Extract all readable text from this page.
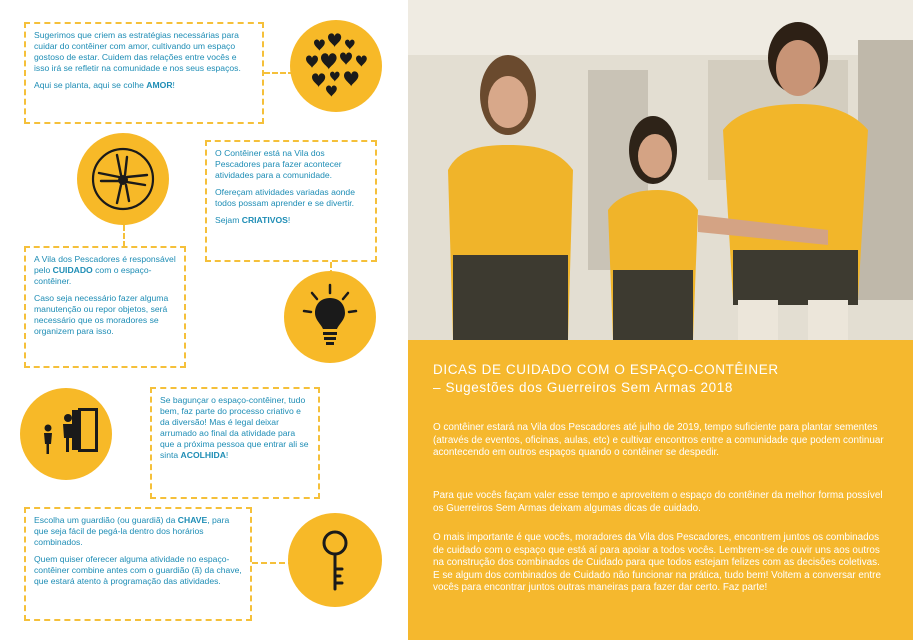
Sugerimos que criem as estratégias necessárias para cuidar do contêiner com amor, cultivando um espaço gostoso de estar. Cuidem das relações entre vocês e isso irá se refletir na comunidade e nos seus espaços.

Aqui se planta, aqui se colhe AMOR!

O Contêiner está na Vila dos Pescadores para fazer acontecer atividades para a comunidade.

Ofereçam atividades variadas aonde todos possam aprender e se divertir.

Sejam CRIATIVOS!

A Vila dos Pescadores é responsável pelo CUIDADO com o espaço-contêiner.

Caso seja necessário fazer alguma manutenção ou repor objetos, será necessário que os moradores se organizem para isso.

Se bagunçar o espaço-contêiner, tudo bem, faz parte do processo criativo e da diversão! Mas é legal deixar arrumado ao final da atividade para que a próxima pessoa que entrar ali se sinta ACOLHIDA!

Escolha um guardião (ou guardiã) da CHAVE, para que seja fácil de pegá-la dentro dos horários combinados.

Quem quiser oferecer alguma atividade no espaço-contêiner combine antes com o guardião (ã) da chave, que estará atento à programação das atividades.

DICAS DE CUIDADO COM O ESPAÇO-CONTÊINER
– Sugestões dos Guerreiros Sem Armas 2018

O contêiner estará na Vila dos Pescadores até julho de 2019, tempo suficiente para plantar sementes (através de eventos, oficinas, aulas, etc) e cultivar encontros entre a comunidade que podem continuar acontecendo em outros espaços quando o contêiner se despedir.

Para que vocês façam valer esse tempo e aproveitem o espaço do contêiner da melhor forma possível os Guerreiros Sem Armas deixam algumas dicas de cuidado.

O mais importante é que vocês, moradores da Vila dos Pescadores, encontrem juntos os combinados de cuidado com o espaço que está aí para apoiar a todos vocês. Lembrem-se de ouvir uns aos outros na construção dos combinados de Cuidado para que todos estejam felizes com as decisões coletivas. E se algum dos combinados de Cuidado não funcionar na prática, tudo bem! Voltem a conversar entre vocês para encontrar juntos outras maneiras para fazer dar certo. Faz parte!
